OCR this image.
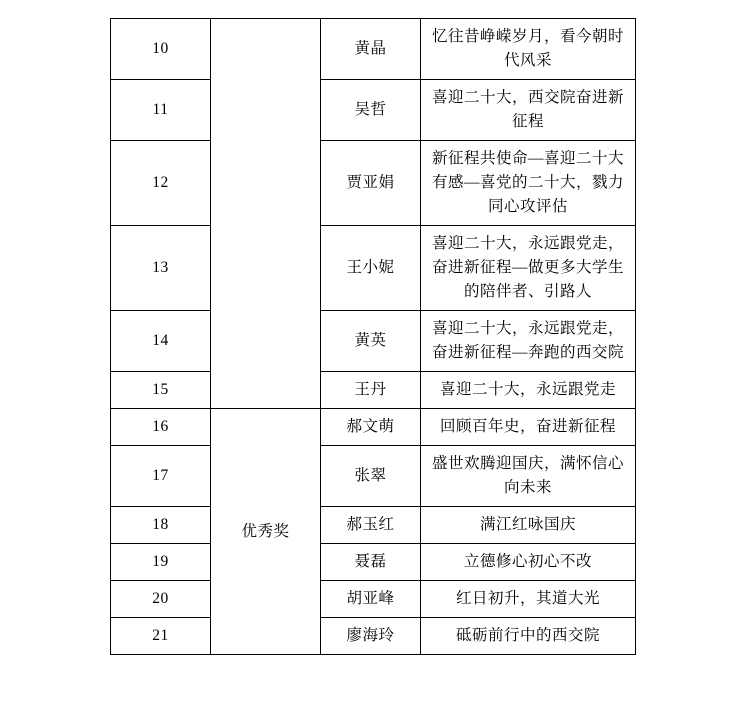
10		黄晶	忆往昔峥嵘岁月，看今朝时代风采
11		吴哲	喜迎二十大，西交院奋进新征程
12		贾亚娟	新征程共使命—喜迎二十大有感—喜党的二十大，戮力同心攻评估
13		王小妮	喜迎二十大，永远跟党走，奋进新征程—做更多大学生的陪伴者、引路人
14		黄英	喜迎二十大，永远跟党走，奋进新征程—奔跑的西交院
15		王丹	喜迎二十大，永远跟党走
16	优秀奖	郝文萌	回顾百年史，奋进新征程
17		张翠	盛世欢腾迎国庆，满怀信心向未来
18		郝玉红	满江红咏国庆
19		聂磊	立德修心初心不改
20		胡亚峰	红日初升，其道大光
21		廖海玲	砥砺前行中的西交院
